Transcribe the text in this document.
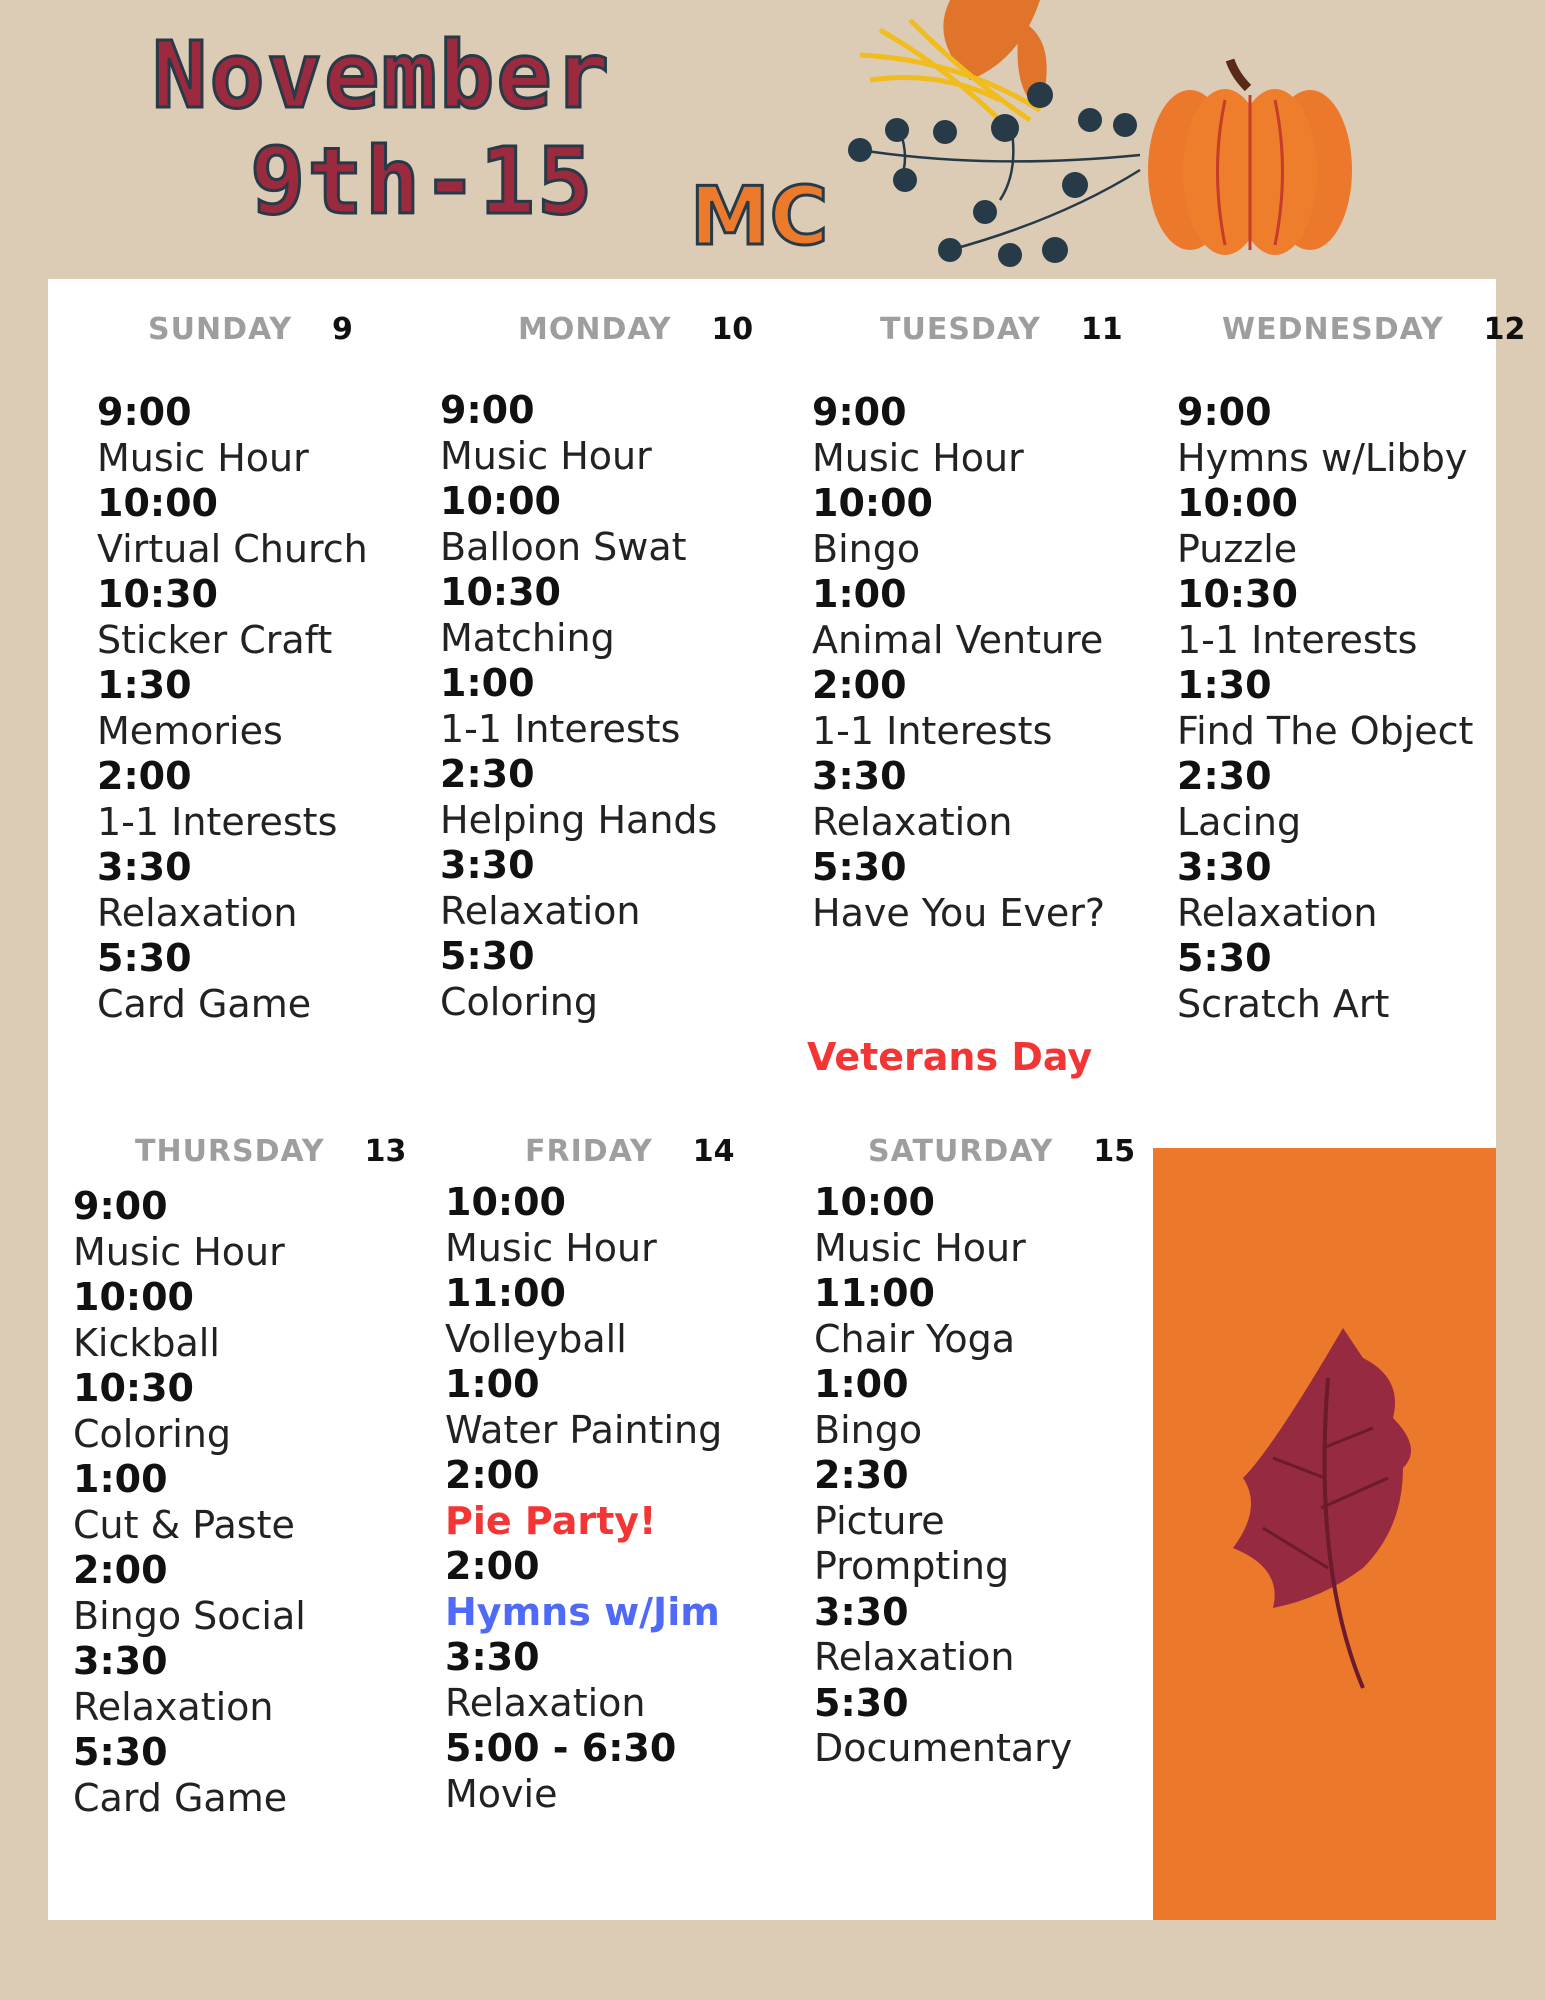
November
9th-15 MC
SUNDAY 9
9:00
Music Hour
10:00
Virtual Church
10:30
Sticker Craft
1:30
Memories
2:00
1-1 Interests
3:30
Relaxation
5:30
Card Game
MONDAY 10
9:00
Music Hour
10:00
Balloon Swat
10:30
Matching
1:00
1-1 Interests
2:30
Helping Hands
3:30
Relaxation
5:30
Coloring
TUESDAY 11
9:00
Music Hour
10:00
Bingo
1:00
Animal Venture
2:00
1-1 Interests
3:30
Relaxation
5:30
Have You Ever?
WEDNESDAY 12
9:00
Hymns w/Libby
10:00
Puzzle
10:30
1-1 Interests
1:30
Find The Object
2:30
Lacing
3:30
Relaxation
5:30
Scratch Art
THURSDAY 13
9:00
Music Hour
10:00
Kickball
10:30
Coloring
1:00
Cut & Paste
2:00
Bingo Social
3:30
Relaxation
5:30
Card Game
FRIDAY 14
10:00
Music Hour
11:00
Volleyball
1:00
Water Painting
2:00
Pie Party!
2:00
Hymns w/Jim
3:30
Relaxation
5:00 - 6:30
Movie
SATURDAY 15
10:00
Music Hour
11:00
Chair Yoga
1:00
Bingo
2:30
Picture Prompting
3:30
Relaxation
5:30
Documentary
Veterans Day
